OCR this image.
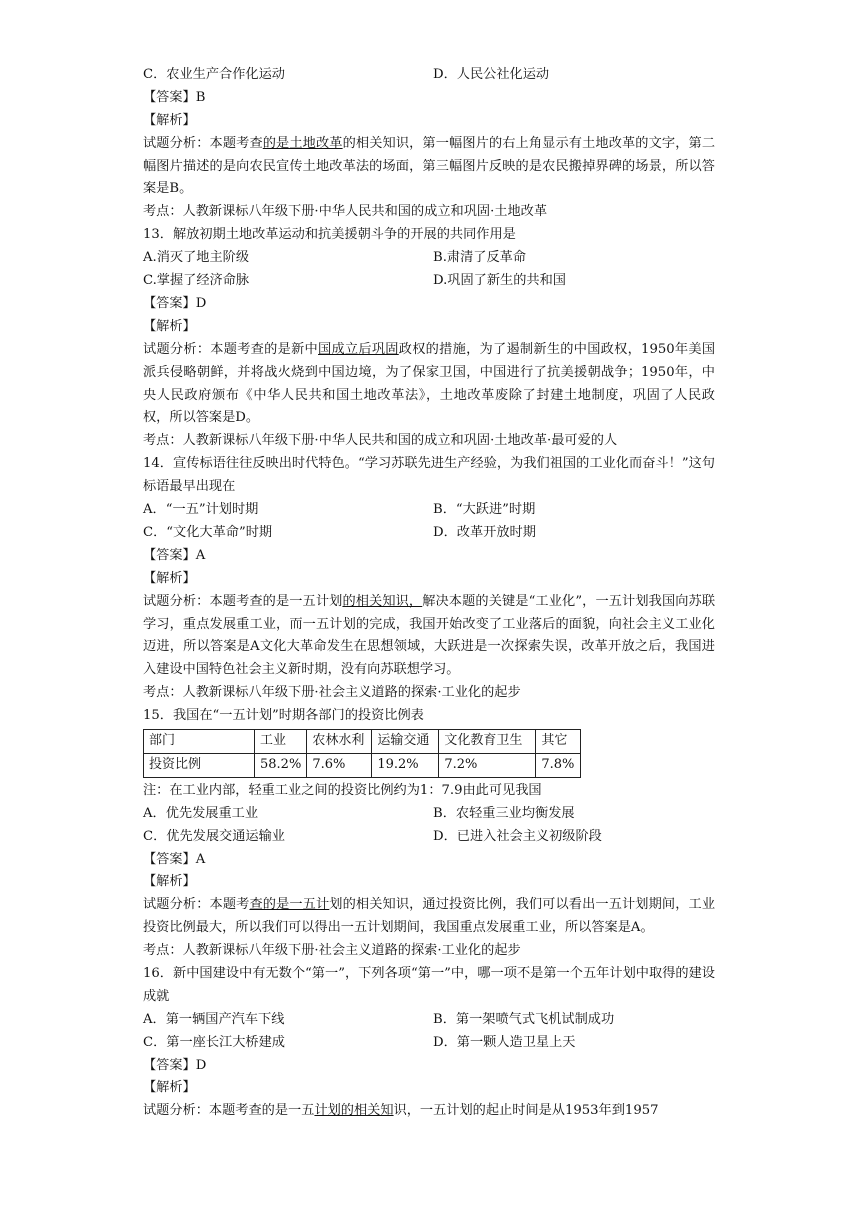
C．农业生产合作化运动	D．人民公社化运动
【答案】B
【解析】
试题分析：本题考查的是土地改革的相关知识，第一幅图片的右上角显示有土地改革的文字，第二幅图片描述的是向农民宣传土地改革法的场面，第三幅图片反映的是农民搬掉界碑的场景，所以答案是B。
考点：人教新课标八年级下册·中华人民共和国的成立和巩固·土地改革
13．解放初期土地改革运动和抗美援朝斗争的开展的共同作用是
A.消灭了地主阶级	B.肃清了反革命
C.掌握了经济命脉	D.巩固了新生的共和国
【答案】D
【解析】
试题分析：本题考查的是新中国成立后巩固政权的措施，为了遏制新生的中国政权，1950年美国派兵侵略朝鲜，并将战火烧到中国边境，为了保家卫国，中国进行了抗美援朝战争；1950年，中央人民政府颁布《中华人民共和国土地改革法》，土地改革废除了封建土地制度，巩固了人民政权，所以答案是D。
考点：人教新课标八年级下册·中华人民共和国的成立和巩固·土地改革·最可爱的人
14．宣传标语往往反映出时代特色。“学习苏联先进生产经验，为我们祖国的工业化而奋斗！”这句标语最早出现在
A．“一五”计划时期	B．“大跃进”时期
C．“文化大革命”时期	D．改革开放时期
【答案】A
【解析】
试题分析：本题考查的是一五计划的相关知识，解决本题的关键是“工业化”，一五计划我国向苏联学习，重点发展重工业，而一五计划的完成，我国开始改变了工业落后的面貌，向社会主义工业化迈进，所以答案是A文化大革命发生在思想领域，大跃进是一次探索失误，改革开放之后，我国进入建设中国特色社会主义新时期，没有向苏联想学习。
考点：人教新课标八年级下册·社会主义道路的探索·工业化的起步
15．我国在“一五计划”时期各部门的投资比例表
部门	工业	农林水利	运输交通	文化教育卫生	其它
投资比例	58.2%	7.6%	19.2%	7.2%	7.8%
注：在工业内部，轻重工业之间的投资比例约为1：7.9由此可见我国
A．优先发展重工业	B．农轻重三业均衡发展
C．优先发展交通运输业	D．已进入社会主义初级阶段
【答案】A
【解析】
试题分析：本题考查的是一五计划的相关知识，通过投资比例，我们可以看出一五计划期间，工业投资比例最大，所以我们可以得出一五计划期间，我国重点发展重工业，所以答案是A。
考点：人教新课标八年级下册·社会主义道路的探索·工业化的起步
16．新中国建设中有无数个“第一”，下列各项“第一”中，哪一项不是第一个五年计划中取得的建设成就
A．第一辆国产汽车下线	B．第一架喷气式飞机试制成功
C．第一座长江大桥建成	D．第一颗人造卫星上天
【答案】D
【解析】
试题分析：本题考查的是一五计划的相关知识，一五计划的起止时间是从1953年到1957
